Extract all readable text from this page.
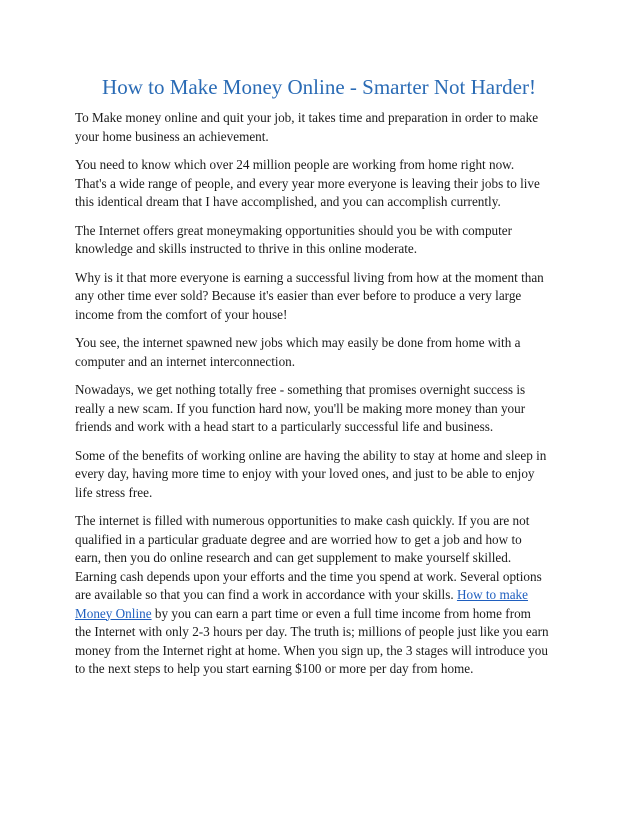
How to Make Money Online - Smarter Not Harder!

To Make money online and quit your job, it takes time and preparation in order to make
your home business an achievement.

You need to know which over 24 million people are working from home right now.
That's a wide range of people, and every year more everyone is leaving their jobs to live
this identical dream that I have accomplished, and you can accomplish currently.

The Internet offers great moneymaking opportunities should you be with computer
knowledge and skills instructed to thrive in this online moderate.

Why is it that more everyone is earning a successful living from how at the moment than
any other time ever sold? Because it's easier than ever before to produce a very large
income from the comfort of your house!

You see, the internet spawned new jobs which may easily be done from home with a
computer and an internet interconnection.

Nowadays, we get nothing totally free - something that promises overnight success is
really a new scam. If you function hard now, you'll be making more money than your
friends and work with a head start to a particularly successful life and business.

Some of the benefits of working online are having the ability to stay at home and sleep in
every day, having more time to enjoy with your loved ones, and just to be able to enjoy
life stress free.

The internet is filled with numerous opportunities to make cash quickly. If you are not
qualified in a particular graduate degree and are worried how to get a job and how to
earn, then you do online research and can get supplement to make yourself skilled.
Earning cash depends upon your efforts and the time you spend at work. Several options
are available so that you can find a work in accordance with your skills. How to make
Money Online by you can earn a part time or even a full time income from home from
the Internet with only 2-3 hours per day. The truth is; millions of people just like you earn
money from the Internet right at home. When you sign up, the 3 stages will introduce you
to the next steps to help you start earning $100 or more per day from home.
